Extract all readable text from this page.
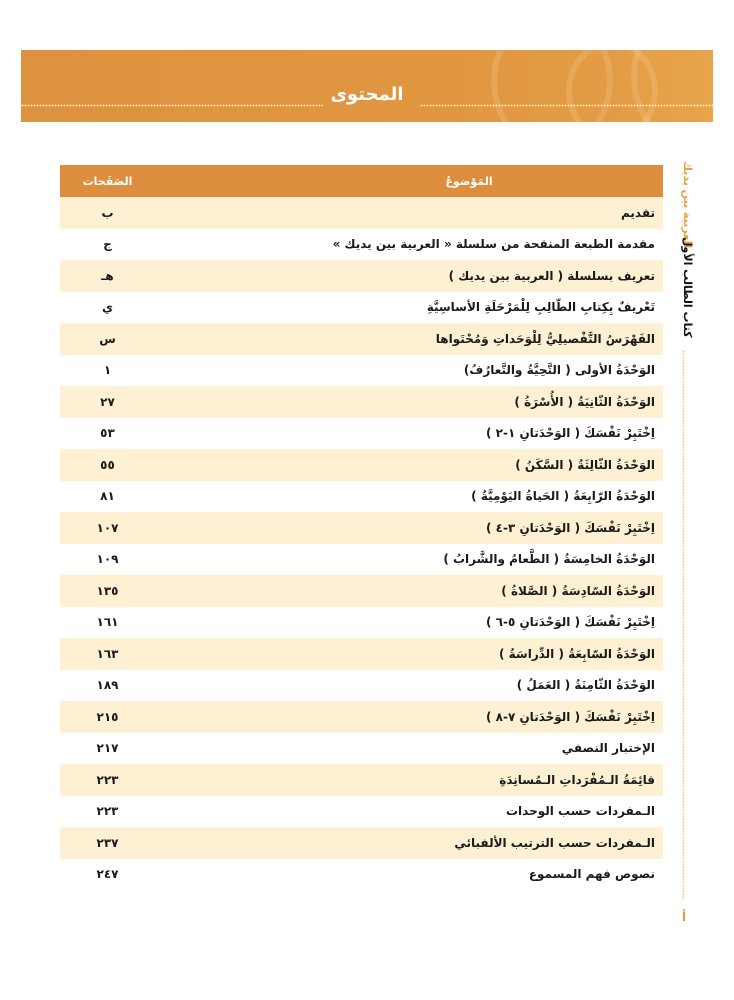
المحتوى
المَوْضوعُ
الصَفَحات
تقديم
ب
مقدمة الطبعة المنقحة من سلسلة « العربية بين يديك »
ج
تعريف بسلسلة ( العربية بين يديك )
هـ
تَعْريفٌ بِكِتابِ الطّالِبِ لِلْمَرْحَلَةِ الأساسِيَّةِ
ي
الفَهْرَسُ التَّفْصيلِيُّ لِلْوَحَداتِ وَمُحْتَواها
س
الوَحْدَةُ الأولى ( التَّحِيَّةُ والتَّعارُفُ)
١
الوَحْدَةُ الثّانِيَةُ ( الأُسْرَةُ )
٢٧
اِخْتَبِرْ نَفْسَكَ ( الوَحْدَتانِ ١-٢ )
٥٣
الوَحْدَةُ الثّالِثَةُ ( السَّكَنُ )
٥٥
الوَحْدَةُ الرّابِعَةُ ( الحَياةُ اليَوْمِيَّةُ )
٨١
اِخْتَبِرْ نَفْسَكَ ( الوَحْدَتانِ ٣-٤ )
١٠٧
الوَحْدَةُ الخامِسَةُ ( الطَّعامُ والشَّرابُ )
١٠٩
الوَحْدَةُ السّادِسَةُ ( الصَّلاةُ )
١٣٥
اِخْتَبِرْ نَفْسَكَ ( الوَحْدَتانِ ٥-٦ )
١٦١
الوَحْدَةُ السّابِعَةُ ( الدِّراسَةُ )
١٦٣
الوَحْدَةُ الثّامِنَةُ ( العَمَلُ )
١٨٩
اِخْتَبِرْ نَفْسَكَ ( الوَحْدَتانِ ٧-٨ )
٢١٥
الإختبار النصفي
٢١٧
قائِمَةُ الـمُفْرَداتِ الـمُسانِدَةِ
٢٢٣
الـمفردات حسب الوحدات
٢٢٣
الـمفردات حسب الترتيب الألفبائي
٢٣٧
نصوص فهم المسموع
٢٤٧
العربية بين يديك
كتاب الطالب الأول
أ
